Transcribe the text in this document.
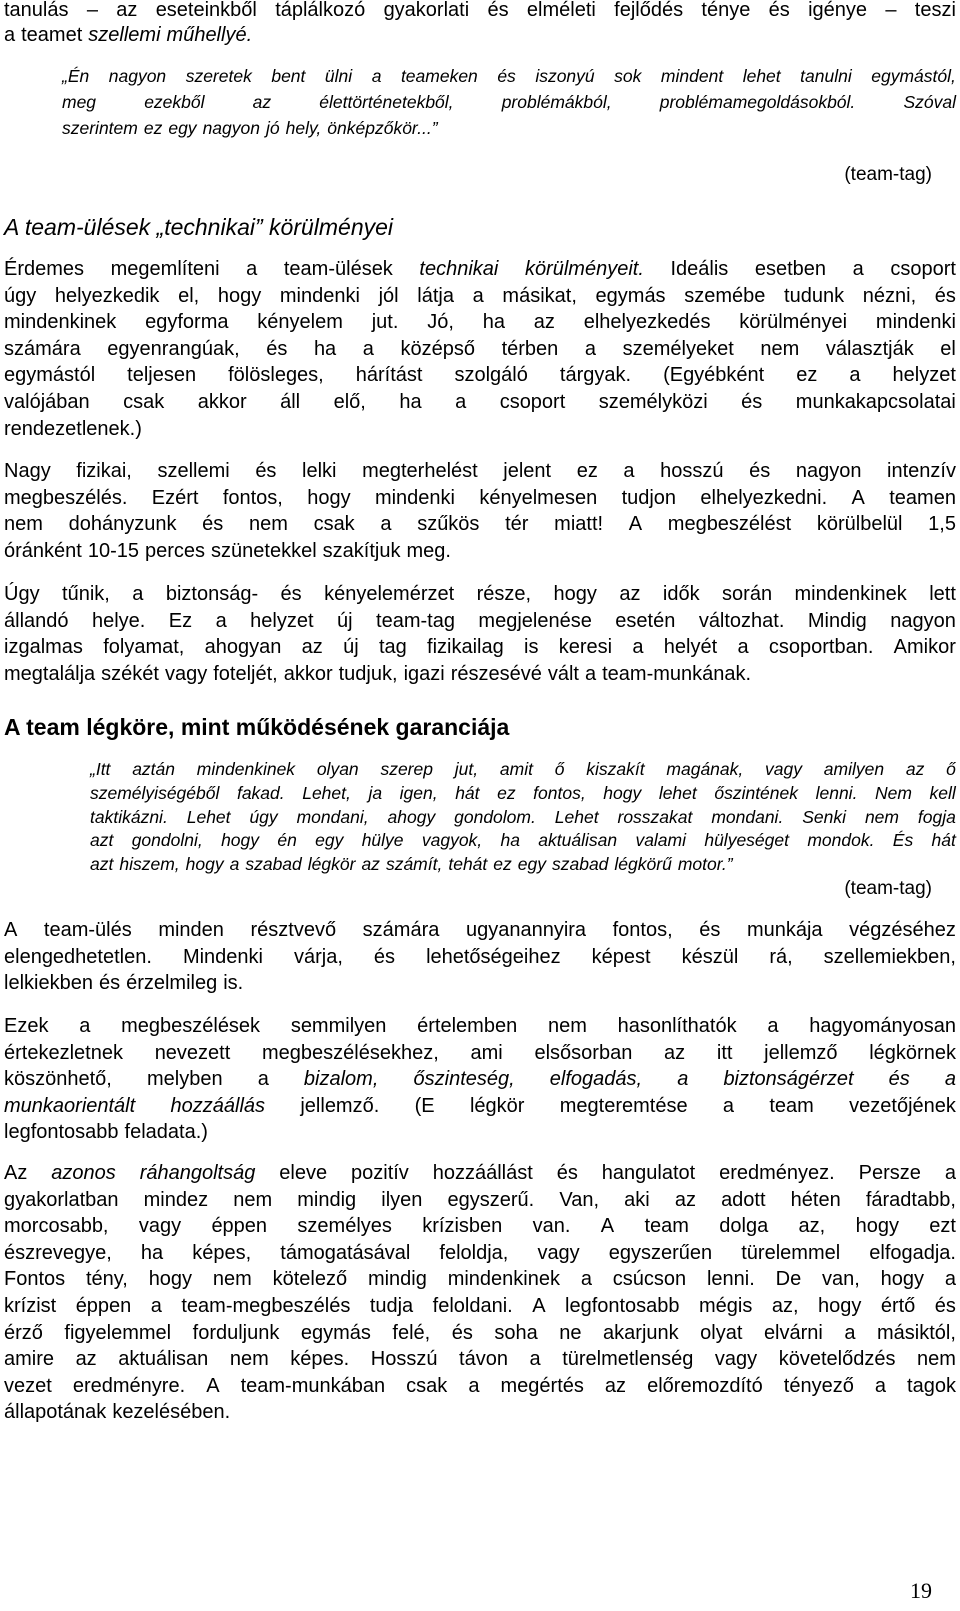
tanulás – az eseteinkből táplálkozó gyakorlati és elméleti fejlődés ténye és igénye – teszi
a teamet szellemi műhellyé.
„Én nagyon szeretek bent ülni a teameken és iszonyú sok mindent lehet tanulni egymástól,
meg	ezekből	az	élettörténetekből,	problémákból,	problémamegoldásokból.	Szóval
szerintem ez egy nagyon jó hely, önképzőkör...”
(team-tag)
A team-ülések „technikai” körülményei
Érdemes megemlíteni a team-ülések technikai körülményeit. Ideális esetben a csoport
úgy helyezkedik el, hogy mindenki jól látja a másikat, egymás szemébe tudunk nézni, és
mindenkinek egyforma kényelem jut. Jó, ha az elhelyezkedés körülményei mindenki
számára egyenrangúak, és ha a középső térben a személyeket nem választják el
egymástól teljesen fölösleges, hárítást szolgáló tárgyak. (Egyébként ez a helyzet
valójában csak akkor áll elő, ha a csoport személyközi és munkakapcsolatai
rendezetlenek.)
Nagy fizikai, szellemi és lelki megterhelést jelent ez a hosszú és nagyon intenzív
megbeszélés. Ezért fontos, hogy mindenki kényelmesen tudjon elhelyezkedni. A teamen
nem dohányzunk és nem csak a szűkös tér miatt! A megbeszélést körülbelül 1,5
óránként 10-15 perces szünetekkel szakítjuk meg.
Úgy tűnik, a biztonság- és kényelemérzet része, hogy az idők során mindenkinek lett
állandó helye. Ez a helyzet új team-tag megjelenése esetén változhat. Mindig nagyon
izgalmas folyamat, ahogyan az új tag fizikailag is keresi a helyét a csoportban. Amikor
megtalálja székét vagy foteljét, akkor tudjuk, igazi részesévé vált a team-munkának.
A team légköre, mint működésének garanciája
„Itt aztán mindenkinek olyan szerep jut, amit ő kiszakít magának, vagy amilyen az ő
személyiségéből fakad. Lehet, ja igen, hát ez fontos, hogy lehet őszintének lenni. Nem kell
taktikázni. Lehet úgy mondani, ahogy gondolom. Lehet rosszakat mondani. Senki nem fogja
azt gondolni, hogy én egy hülye vagyok, ha aktuálisan valami hülyeséget mondok. És hát
azt hiszem, hogy a szabad légkör az számít, tehát ez egy szabad légkörű motor.”
(team-tag)
A team-ülés minden résztvevő számára ugyanannyira fontos, és munkája végzéséhez
elengedhetetlen. Mindenki várja, és lehetőségeihez képest készül rá, szellemiekben,
lelkiekben és érzelmileg is.
Ezek a megbeszélések semmilyen értelemben nem hasonlíthatók a hagyományosan
értekezletnek nevezett megbeszélésekhez, ami elsősorban az itt jellemző légkörnek
köszönhető, melyben a bizalom, őszinteség, elfogadás, a biztonságérzet és a
munkaorientált hozzáállás jellemző. (E légkör megteremtése a team vezetőjének
legfontosabb feladata.)
Az azonos ráhangoltság eleve pozitív hozzáállást és hangulatot eredményez. Persze a
gyakorlatban mindez nem mindig ilyen egyszerű. Van, aki az adott héten fáradtabb,
morcosabb, vagy éppen személyes krízisben van. A team dolga az, hogy ezt
észrevegye, ha képes, támogatásával feloldja, vagy egyszerűen türelemmel elfogadja.
Fontos tény, hogy nem kötelező mindig mindenkinek a csúcson lenni. De van, hogy a
krízist éppen a team-megbeszélés tudja feloldani. A legfontosabb mégis az, hogy értő és
érző figyelemmel forduljunk egymás felé, és soha ne akarjunk olyat elvárni a másiktól,
amire az aktuálisan nem képes. Hosszú távon a türelmetlenség vagy követelődzés nem
vezet eredményre. A team-munkában csak a megértés az előremozdító tényező a tagok
állapotának kezelésében.
19
